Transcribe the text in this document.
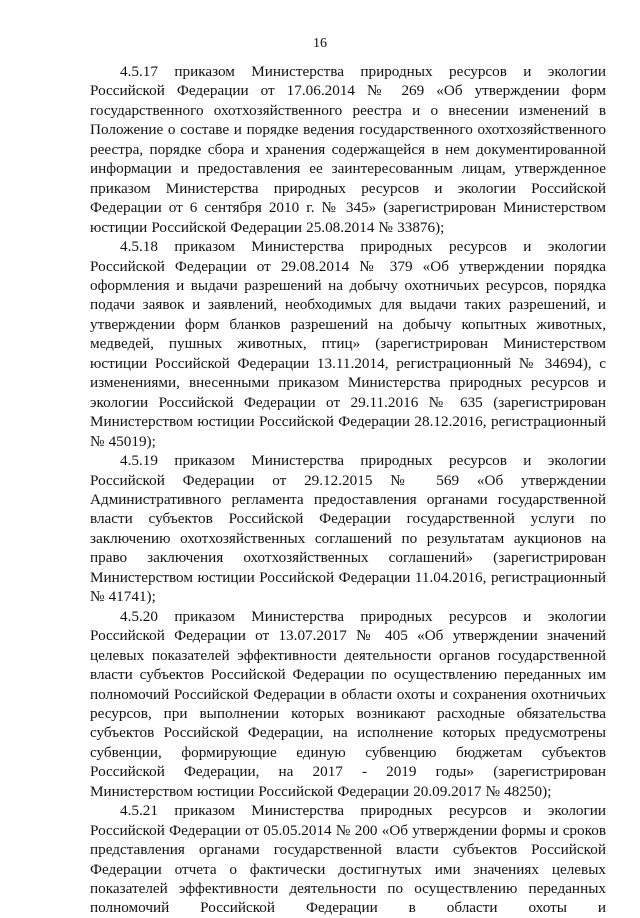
16

4.5.17 приказом Министерства природных ресурсов и экологии Российской Федерации от 17.06.2014 № 269 «Об утверждении форм государственного охотхозяйственного реестра и о внесении изменений в Положение о составе и порядке ведения государственного охотхозяйственного реестра, порядке сбора и хранения содержащейся в нем документированной информации и предоставления ее заинтересованным лицам, утвержденное приказом Министерства природных ресурсов и экологии Российской Федерации от 6 сентября 2010 г. № 345» (зарегистрирован Министерством юстиции Российской Федерации 25.08.2014 № 33876);

4.5.18 приказом Министерства природных ресурсов и экологии Российской Федерации от 29.08.2014 № 379 «Об утверждении порядка оформления и выдачи разрешений на добычу охотничьих ресурсов, порядка подачи заявок и заявлений, необходимых для выдачи таких разрешений, и утверждении форм бланков разрешений на добычу копытных животных, медведей, пушных животных, птиц» (зарегистрирован Министерством юстиции Российской Федерации 13.11.2014, регистрационный № 34694), с изменениями, внесенными приказом Министерства природных ресурсов и экологии Российской Федерации от 29.11.2016 № 635 (зарегистрирован Министерством юстиции Российской Федерации 28.12.2016, регистрационный № 45019);

4.5.19 приказом Министерства природных ресурсов и экологии Российской Федерации от 29.12.2015 № 569 «Об утверждении Административного регламента предоставления органами государственной власти субъектов Российской Федерации государственной услуги по заключению охотхозяйственных соглашений по результатам аукционов на право заключения охотхозяйственных соглашений» (зарегистрирован Министерством юстиции Российской Федерации 11.04.2016, регистрационный № 41741);

4.5.20 приказом Министерства природных ресурсов и экологии Российской Федерации от 13.07.2017 № 405 «Об утверждении значений целевых показателей эффективности деятельности органов государственной власти субъектов Российской Федерации по осуществлению переданных им полномочий Российской Федерации в области охоты и сохранения охотничьих ресурсов, при выполнении которых возникают расходные обязательства субъектов Российской Федерации, на исполнение которых предусмотрены субвенции, формирующие единую субвенцию бюджетам субъектов Российской Федерации, на 2017 - 2019 годы» (зарегистрирован Министерством юстиции Российской Федерации 20.09.2017 № 48250);

4.5.21 приказом Министерства природных ресурсов и экологии Российской Федерации от 05.05.2014 № 200 «Об утверждении формы и сроков представления органами государственной власти субъектов Российской Федерации отчета о фактически достигнутых ими значениях целевых показателей эффективности деятельности по осуществлению переданных полномочий Российской Федерации в области охоты и
